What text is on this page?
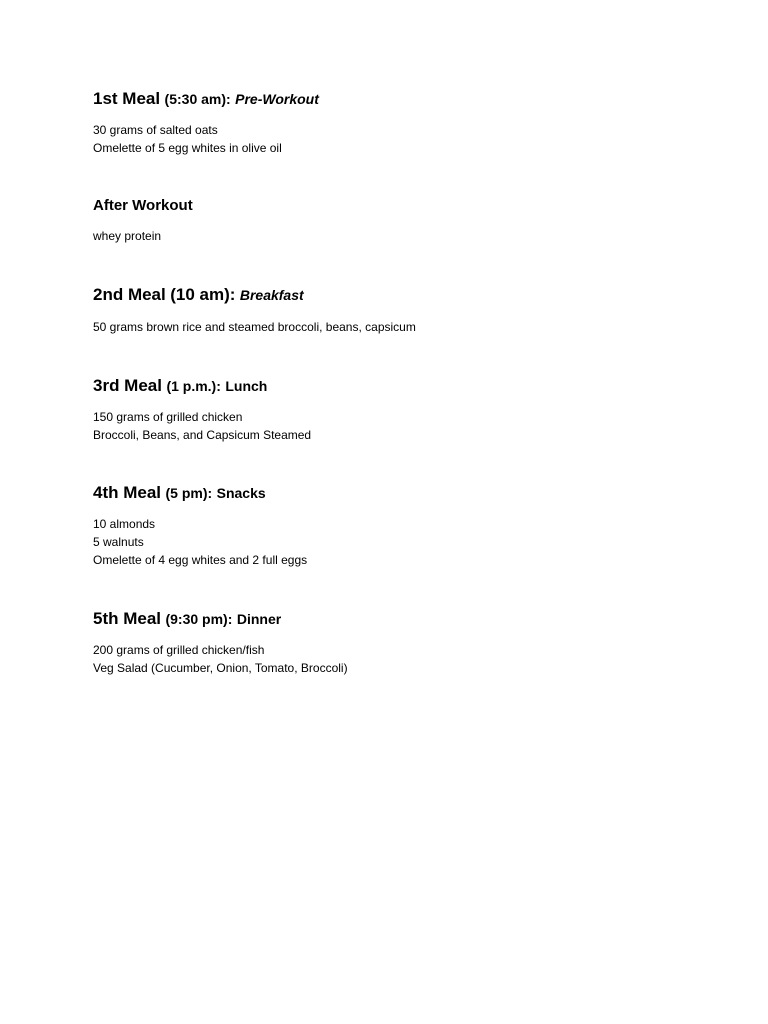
1st Meal (5:30 am): Pre-Workout
30 grams of salted oats
Omelette of 5 egg whites in olive oil
After Workout
whey protein
2nd Meal (10 am): Breakfast
50 grams brown rice and steamed broccoli, beans, capsicum
3rd Meal (1 p.m.): Lunch
150 grams of grilled chicken
Broccoli, Beans, and Capsicum Steamed
4th Meal (5 pm): Snacks
10 almonds
5 walnuts
Omelette of 4 egg whites and 2 full eggs
5th Meal (9:30 pm): Dinner
200 grams of grilled chicken/fish
Veg Salad (Cucumber, Onion, Tomato, Broccoli)
